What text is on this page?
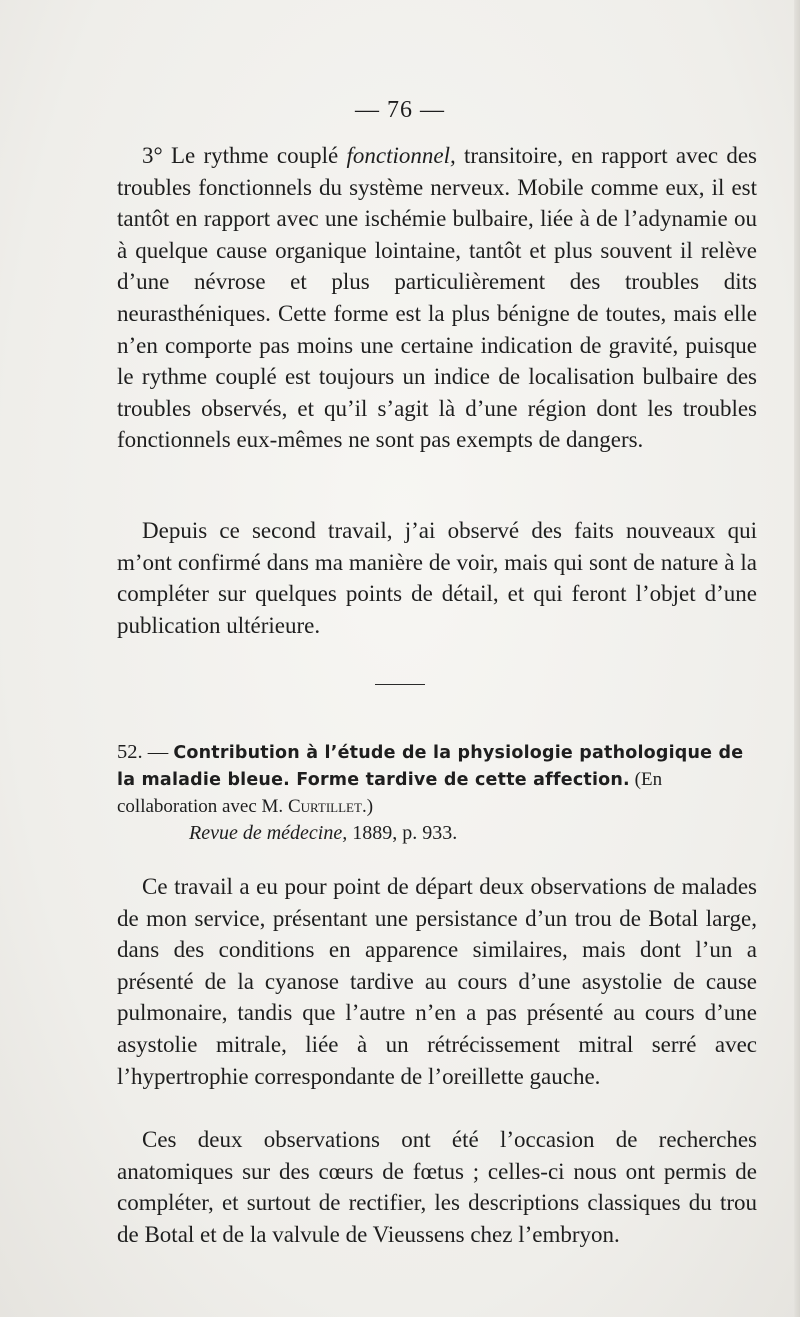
— 76 —

3° Le rythme couplé fonctionnel, transitoire, en rapport avec des troubles fonctionnels du système nerveux. Mobile comme eux, il est tantôt en rapport avec une ischémie bulbaire, liée à de l’adynamie ou à quelque cause organique lointaine, tantôt et plus souvent il relève d’une névrose et plus particulièrement des troubles dits neurasthéniques. Cette forme est la plus bénigne de toutes, mais elle n’en comporte pas moins une certaine indication de gravité, puisque le rythme couplé est toujours un indice de localisation bulbaire des troubles observés, et qu’il s’agit là d’une région dont les troubles fonctionnels eux-mêmes ne sont pas exempts de dangers.

Depuis ce second travail, j’ai observé des faits nouveaux qui m’ont confirmé dans ma manière de voir, mais qui sont de nature à la compléter sur quelques points de détail, et qui feront l’objet d’une publication ultérieure.

52. — Contribution à l’étude de la physiologie pathologique de la maladie bleue. Forme tardive de cette affection. (En collaboration avec M. Curtillet.)
Revue de médecine, 1889, p. 933.

Ce travail a eu pour point de départ deux observations de malades de mon service, présentant une persistance d’un trou de Botal large, dans des conditions en apparence similaires, mais dont l’un a présenté de la cyanose tardive au cours d’une asystolie de cause pulmonaire, tandis que l’autre n’en a pas présenté au cours d’une asystolie mitrale, liée à un rétrécissement mitral serré avec l’hypertrophie correspondante de l’oreillette gauche.

Ces deux observations ont été l’occasion de recherches anatomiques sur des cœurs de fœtus ; celles-ci nous ont permis de compléter, et surtout de rectifier, les descriptions classiques du trou de Botal et de la valvule de Vieussens chez l’embryon.
